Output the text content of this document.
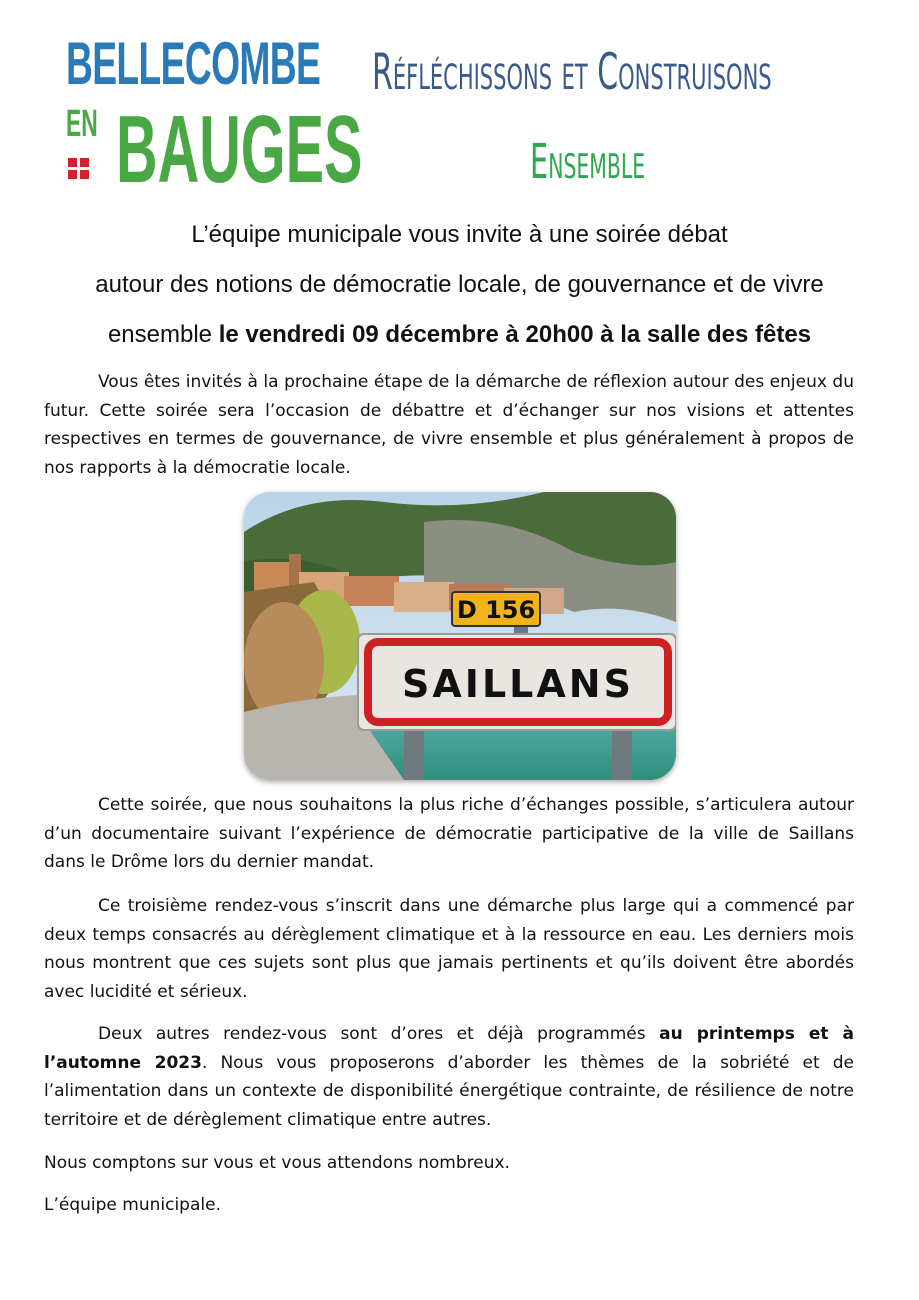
BELLECOMBE
EN BAUGES
Réfléchissons et Construisons
Ensemble
L’équipe municipale vous invite à une soirée débat
autour des notions de démocratie locale, de gouvernance et de vivre
ensemble le vendredi 09 décembre à 20h00 à la salle des fêtes
Vous êtes invités à la prochaine étape de la démarche de réflexion autour des enjeux du futur. Cette soirée sera l’occasion de débattre et d’échanger sur nos visions et attentes respectives en termes de gouvernance, de vivre ensemble et plus généralement à propos de nos rapports à la démocratie locale.
D 156
SAILLANS
Cette soirée, que nous souhaitons la plus riche d’échanges possible, s’articulera autour d’un documentaire suivant l’expérience de démocratie participative de la ville de Saillans dans le Drôme lors du dernier mandat.
Ce troisième rendez-vous s’inscrit dans une démarche plus large qui a commencé par deux temps consacrés au dérèglement climatique et à la ressource en eau. Les derniers mois nous montrent que ces sujets sont plus que jamais pertinents et qu’ils doivent être abordés avec lucidité et sérieux.
Deux autres rendez-vous sont d’ores et déjà programmés au printemps et à l’automne 2023. Nous vous proposerons d’aborder les thèmes de la sobriété et de l’alimentation dans un contexte de disponibilité énergétique contrainte, de résilience de notre territoire et de dérèglement climatique entre autres.
Nous comptons sur vous et vous attendons nombreux.
L’équipe municipale.
